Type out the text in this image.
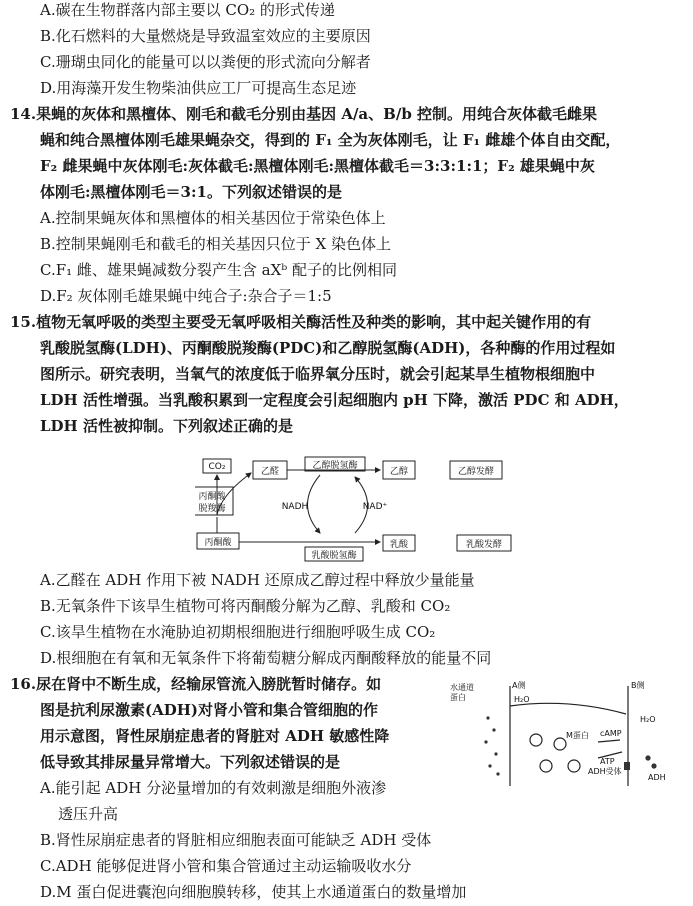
A.碳在生物群落内部主要以 CO₂ 的形式传递
B.化石燃料的大量燃烧是导致温室效应的主要原因
C.珊瑚虫同化的能量可以以粪便的形式流向分解者
D.用海藻开发生物柴油供应工厂可提高生态足迹
14.果蝇的灰体和黑檀体、刚毛和截毛分别由基因 A/a、B/b 控制。用纯合灰体截毛雌果
蝇和纯合黑檀体刚毛雄果蝇杂交，得到的 F₁ 全为灰体刚毛，让 F₁ 雌雄个体自由交配，
F₂ 雌果蝇中灰体刚毛:灰体截毛:黑檀体刚毛:黑檀体截毛＝3:3:1:1；F₂ 雄果蝇中灰
体刚毛:黑檀体刚毛＝3:1。下列叙述错误的是
A.控制果蝇灰体和黑檀体的相关基因位于常染色体上
B.控制果蝇刚毛和截毛的相关基因只位于 X 染色体上
C.F₁ 雌、雄果蝇减数分裂产生含 aXᵇ 配子的比例相同
D.F₂ 灰体刚毛雄果蝇中纯合子:杂合子＝1:5
15.植物无氧呼吸的类型主要受无氧呼吸相关酶活性及种类的影响，其中起关键作用的有
乳酸脱氢酶(LDH)、丙酮酸脱羧酶(PDC)和乙醇脱氢酶(ADH)，各种酶的作用过程如
图所示。研究表明，当氧气的浓度低于临界氧分压时，就会引起某旱生植物根细胞中
LDH 活性增强。当乳酸积累到一定程度会引起细胞内 pH 下降，激活 PDC 和 ADH，
LDH 活性被抑制。下列叙述正确的是
CO₂
丙酮酸
脱羧酶
乙醛
乙醇脱氢酶
乙醇	乙醇发酵
NADH	NAD⁺
丙酮酸
乳酸脱氢酶
乳酸	乳酸发酵
A.乙醛在 ADH 作用下被 NADH 还原成乙醇过程中释放少量能量
B.无氧条件下该旱生植物可将丙酮酸分解为乙醇、乳酸和 CO₂
C.该旱生植物在水淹胁迫初期根细胞进行细胞呼吸生成 CO₂
D.根细胞在有氧和无氧条件下将葡萄糖分解成丙酮酸释放的能量不同
16.尿在肾中不断生成，经输尿管流入膀胱暂时储存。如
图是抗利尿激素(ADH)对肾小管和集合管细胞的作
用示意图，肾性尿崩症患者的肾脏对 ADH 敏感性降
低导致其排尿量异常增大。下列叙述错误的是
A.能引起 ADH 分泌量增加的有效刺激是细胞外液渗
透压升高
B.肾性尿崩症患者的肾脏相应细胞表面可能缺乏 ADH 受体
C.ADH 能够促进肾小管和集合管通过主动运输吸收水分
D.M 蛋白促进囊泡向细胞膜转移，使其上水通道蛋白的数量增加
水通道
蛋白
A侧	B侧
H₂O
H₂O
M蛋白 cAMP
ATP
ADH受体
ADH
